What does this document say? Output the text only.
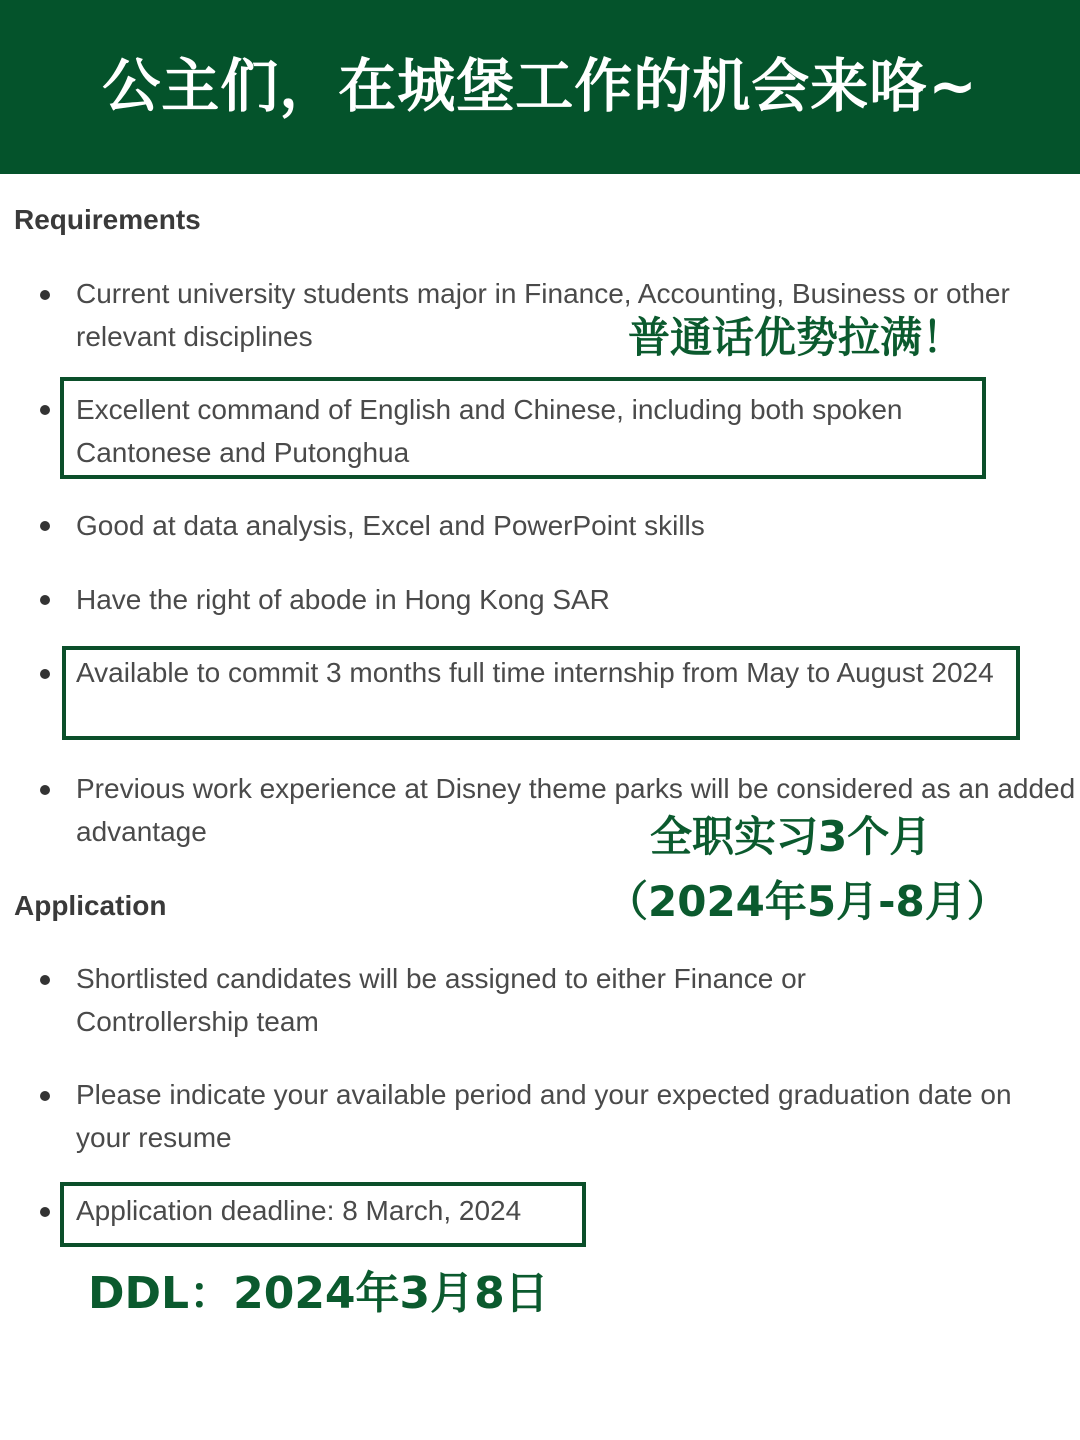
公主们，在城堡工作的机会来咯~
Requirements
Current university students major in Finance, Accounting, Business or other relevant disciplines
Excellent command of English and Chinese, including both spoken Cantonese and Putonghua
Good at data analysis, Excel and PowerPoint skills
Have the right of abode in Hong Kong SAR
Available to commit 3 months full time internship from May to August 2024
Previous work experience at Disney theme parks will be considered as an added advantage
Application
Shortlisted candidates will be assigned to either Finance or Controllership team
Please indicate your available period and your expected graduation date on your resume
Application deadline: 8 March, 2024
普通话优势拉满！
全职实习3个月
（2024年5月-8月）
DDL：2024年3月8日
